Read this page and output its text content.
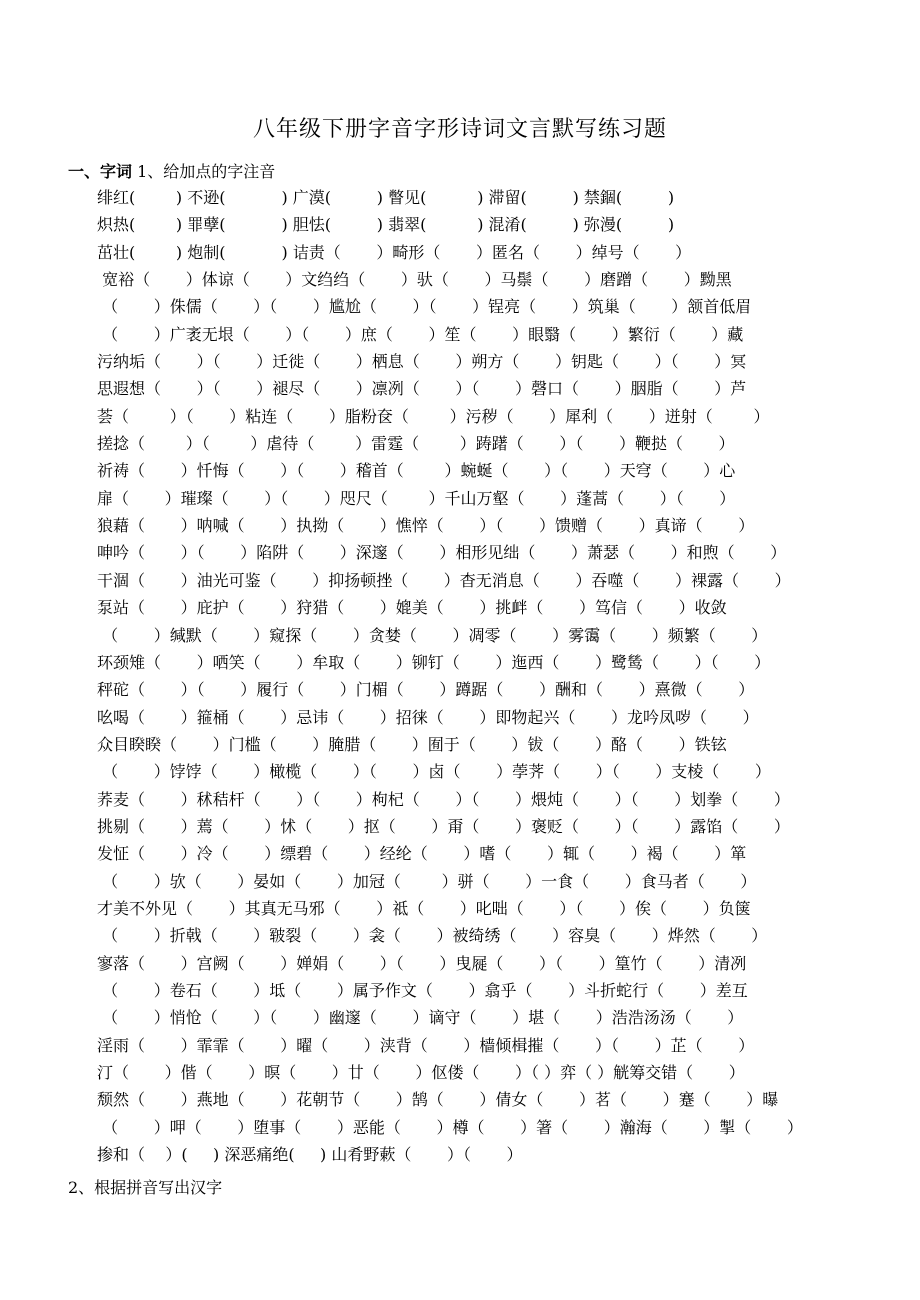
八年级下册字音字形诗词文言默写练习题
一、字词 1、给加点的字注音
绯红(        ) 不逊(           ) 广漠(         ) 瞥见(          ) 滞留(         ) 禁錮(         )
炽热(        ) 罪孽(           ) 胆怯(         ) 翡翠(          ) 混淆(         ) 弥漫(         )
茁壮(        ) 炮制(           ) 诘责（       ）畸形（       ）匿名（       ）绰号（       ）
宽裕（       ）体谅（       ）文绉绉（       ）驮（       ）马鬃（       ）磨蹭（       ）黝黑
（       ）侏儒（       ）（       ）尴尬（       ）（       ）锃亮（       ）筑巢（       ）颔首低眉
（       ）广袤无垠（       ）（       ）庶（       ）笙（       ）眼翳（       ）繁衍（       ）藏
污纳垢（       ）（       ）迁徙（       ）栖息（       ）朔方（       ）钥匙（       ）（       ）冥
思遐想（       ）（       ）褪尽（       ）凛冽（       ）（       ）磬口（       ）胭脂（       ）芦
荟（        ）（       ）粘连（       ）脂粉奁（        ）污秽（       ）犀利（       ）迸射（        ）
搓捻（        ）（        ）虐待（        ）雷霆（        ）踌躇（       ）（       ）鞭挞（       ）
祈祷（       ）忏悔（       ）（       ）稽首（        ）蜿蜒（       ）（       ）天穹（       ）心
扉（       ）璀璨（       ）（       ）咫尺（        ）千山万壑（       ）蓬蒿（       ）（       ）
狼藉（       ）呐喊（       ）执拗（       ）憔悴（       ）（       ）馈赠（       ）真谛（       ）
呻吟（       ）（       ）陷阱（       ）深邃（       ）相形见绌（       ）萧瑟（       ）和煦（       ）
干涸（       ）油光可鉴（       ）抑扬顿挫（       ）杳无消息（       ）吞噬（       ）裸露（       ）
泵站（       ）庇护（       ）狩猎（       ）媲美（       ）挑衅（       ）笃信（       ）收敛
（       ）缄默（       ）窥探（       ）贪婪（       ）凋零（       ）雾霭（       ）频繁（       ）
环颈雉（       ）哂笑（       ）牟取（       ）铆钉（       ）迤西（       ）鹭鸶（       ）（       ）
秤砣（       ）（       ）履行（       ）门楣（       ）蹲踞（       ）酬和（       ）熹微（       ）
吆喝（       ）箍桶（       ）忌讳（       ）招徕（       ）即物起兴（       ）龙吟凤哕（       ）
众目睽睽（       ）门槛（       ）腌腊（       ）囿于（       ）钹（       ）酪（       ）铁铉
（       ）饽饽（       ）橄榄（       ）（       ）卤（       ）荸荠（       ）（       ）支棱（       ）
荞麦（       ）秫秸杆（       ）（       ）枸杞（       ）（       ）煨炖（       ）（       ）划拳（       ）
挑剔（       ）蔫（       ）怵（       ）抠（       ）甭（       ）褒贬（       ）（       ）露馅（       ）
发怔（       ）冷（       ）缥碧（       ）经纶（       ）嗜（       ）辄（       ）褐（       ）箪
（       ）欤（       ）晏如（       ）加冠（        ）骈（       ）一食（       ）食马者（       ）
才美不外见（       ）其真无马邪（       ）祗（       ）叱咄（       ）（       ）俟（       ）负箧
（       ）折戟（       ）皲裂（       ）衾（       ）被绮绣（       ）容臭（       ）烨然（       ）
寥落（       ）宫阙（       ）婵娟（       ）（       ）曳屣（       ）（       ）篁竹（       ）清冽
（       ）卷石（       ）坻（       ）属予作文（       ）翕乎（       ）斗折蛇行（       ）差互
（       ）悄怆（       ）（       ）幽邃（       ）谪守（       ）堪（       ）浩浩汤汤（       ）
淫雨（       ）霏霏（       ）曜（       ）浃背（       ）樯倾楫摧（       ）（       ）芷（       ）
汀（       ）偕（       ）暝（       ）廿（       ）伛偻（       ）（ ）弈（ ）觥筹交错（       ）
颓然（       ）燕地（       ）花朝节（       ）鹄（       ）倩女（       ）茗（       ）蹇（       ）曝
（       ）呷（       ）堕事（       ）恶能（       ）樽（       ）箸（       ）瀚海（       ）掣（       ）
掺和（    ）(     ) 深恶痛绝(     ) 山肴野蔌（       ）（       ）
2、根据拼音写出汉字
